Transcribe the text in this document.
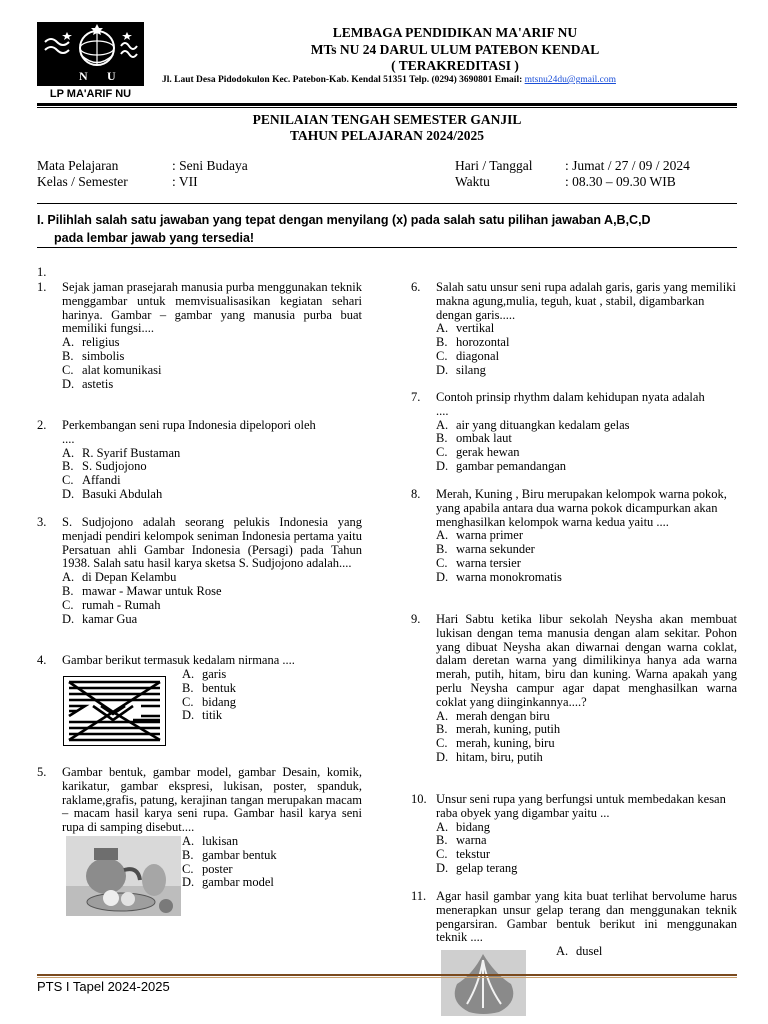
N U
LP MA'ARIF NU
LEMBAGA PENDIDIKAN MA'ARIF NU
MTs NU 24 DARUL ULUM PATEBON KENDAL
( TERAKREDITASI )
Jl. Laut Desa Pidodokulon Kec. Patebon-Kab. Kendal 51351 Telp. (0294) 3690801 Email: mtsnu24du@gmail.com
PENILAIAN TENGAH SEMESTER GANJIL
TAHUN PELAJARAN 2024/2025
Mata Pelajaran	: Seni Budaya
Kelas / Semester	: VII
Hari / Tanggal : Jumat / 27 / 09 / 2024
Waktu	: 08.30 – 09.30 WIB
I. Pilihlah salah satu jawaban yang tepat dengan menyilang (x) pada salah satu pilihan jawaban A,B,C,D
pada lembar jawab yang tersedia!
1.
1. Sejak jaman prasejarah manusia purba menggunakan teknik menggambar untuk memvisualisasikan kegiatan sehari harinya. Gambar – gambar yang manusia purba buat memiliki fungsi....
A. religius
B. simbolis
C. alat komunikasi
D. astetis
2. Perkembangan seni rupa Indonesia dipelopori oleh ....
A. R. Syarif Bustaman
B. S. Sudjojono
C. Affandi
D. Basuki Abdulah
3. S. Sudjojono adalah seorang pelukis Indonesia yang menjadi pendiri kelompok seniman Indonesia pertama yaitu Persatuan ahli Gambar Indonesia (Persagi) pada Tahun 1938. Salah satu hasil karya sketsa S. Sudjojono adalah....
A. di Depan Kelambu
B. mawar - Mawar untuk Rose
C. rumah - Rumah
D. kamar Gua
4. Gambar berikut termasuk kedalam nirmana ....
A. garis
B. bentuk
C. bidang
D. titik
5. Gambar bentuk, gambar model, gambar Desain, komik, karikatur, gambar ekspresi, lukisan, poster, spanduk, raklame,grafis, patung, kerajinan tangan merupakan macam – macam hasil karya seni rupa. Gambar hasil karya seni rupa di samping disebut....
A. lukisan
B. gambar bentuk
C. poster
D. gambar model
6. Salah satu unsur seni rupa adalah garis, garis yang memiliki makna agung,mulia, teguh, kuat , stabil, digambarkan dengan garis.....
A. vertikal
B. horozontal
C. diagonal
D. silang
7. Contoh prinsip rhythm dalam kehidupan nyata adalah ....
A. air yang dituangkan kedalam gelas
B. ombak laut
C. gerak hewan
D. gambar pemandangan
8. Merah, Kuning , Biru merupakan kelompok warna pokok, yang apabila antara dua warna pokok dicampurkan akan menghasilkan kelompok warna kedua yaitu ....
A. warna primer
B. warna sekunder
C. warna tersier
D. warna monokromatis
9. Hari Sabtu ketika libur sekolah Neysha akan membuat lukisan dengan tema manusia dengan alam sekitar. Pohon yang dibuat Neysha akan diwarnai dengan warna coklat, dalam deretan warna yang dimilikinya hanya ada warna merah, putih, hitam, biru dan kuning. Warna apakah yang perlu Neysha campur agar dapat menghasilkan warna coklat yang diinginkannya....?
A. merah dengan biru
B. merah, kuning, putih
C. merah, kuning, biru
D. hitam, biru, putih
10. Unsur seni rupa yang berfungsi untuk membedakan kesan raba obyek yang digambar yaitu ...
A. bidang
B. warna
C. tekstur
D. gelap terang
11. Agar hasil gambar yang kita buat terlihat bervolume harus menerapkan unsur gelap terang dan menggunakan teknik pengarsiran. Gambar bentuk berikut ini menggunakan teknik ....
A. dusel
PTS I Tapel 2024-2025
